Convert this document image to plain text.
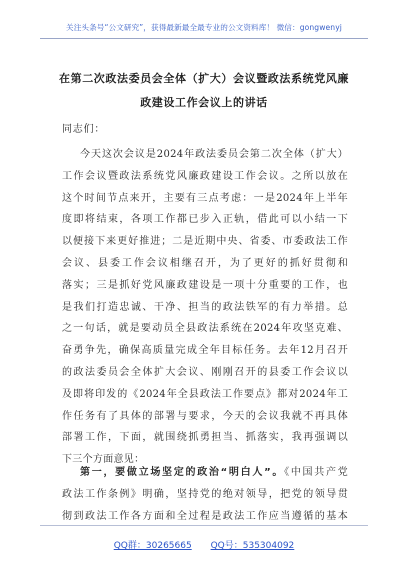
关注头条号“公文研究”，获得最新最全最专业的公文资料库！ 微信：gongwenyj
在第二次政法委员会全体（扩大）会议暨政法系统党风廉
政建设工作会议上的讲话
同志们：
今天这次会议是2024年政法委员会第二次全体（扩大）
工作会议暨政法系统党风廉政建设工作会议。之所以放在
这个时间节点来开，主要有三点考虑：一是2024年上半年
度即将结束，各项工作都已步入正轨，借此可以小结一下
以便接下来更好推进；二是近期中央、省委、市委政法工作
会议、县委工作会议相继召开，为了更好的抓好贯彻和
落实；三是抓好党风廉政建设是一项十分重要的工作，也
是我们打造忠诚、干净、担当的政法铁军的有力举措。总
之一句话，就是要动员全县政法系统在2024年攻坚克难、
奋勇争先，确保高质量完成全年目标任务。去年12月召开
的政法委员会全体扩大会议、刚刚召开的县委工作会议以
及即将印发的《2024年全县政法工作要点》都对2024年工
作任务有了具体的部署与要求，今天的会议我就不再具体
部署工作，下面，就围绕抓勇担当、抓落实，我再强调以
下三个方面意见：
第一，要做立场坚定的政治“明白人”。《中国共产党
政法工作条例》明确，坚持党的绝对领导，把党的领导贯
彻到政法工作各方面和全过程是政法工作应当遵循的基本
QQ群：30265665 QQ号：535304092
